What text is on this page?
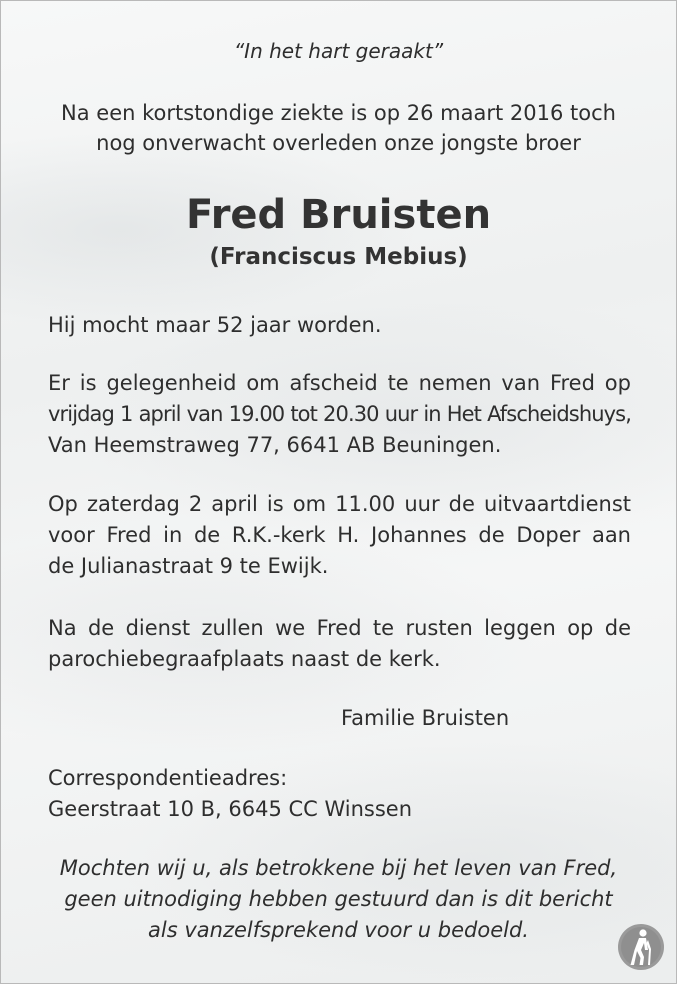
“In het hart geraakt”

Na een kortstondige ziekte is op 26 maart 2016 toch

nog onverwacht overleden onze jongste broer

Fred Bruisten
(Franciscus Mebius)

Hij mocht maar 52 jaar worden.

Er is gelegenheid om afscheid te nemen van Fred op

vrijdag 1 april van 19.00 tot 20.30 uur in Het Afscheidshuys,

Van Heemstraweg 77, 6641 AB Beuningen.

Op zaterdag 2 april is om 11.00 uur de uitvaartdienst

voor Fred in de R.K.-kerk H. Johannes de Doper aan

de Julianastraat 9 te Ewijk.

Na de dienst zullen we Fred te rusten leggen op de

parochiebegraafplaats naast de kerk.

Familie Bruisten

Correspondentieadres:

Geerstraat 10 B, 6645 CC Winssen

Mochten wij u, als betrokkene bij het leven van Fred,

geen uitnodiging hebben gestuurd dan is dit bericht

als vanzelfsprekend voor u bedoeld.
